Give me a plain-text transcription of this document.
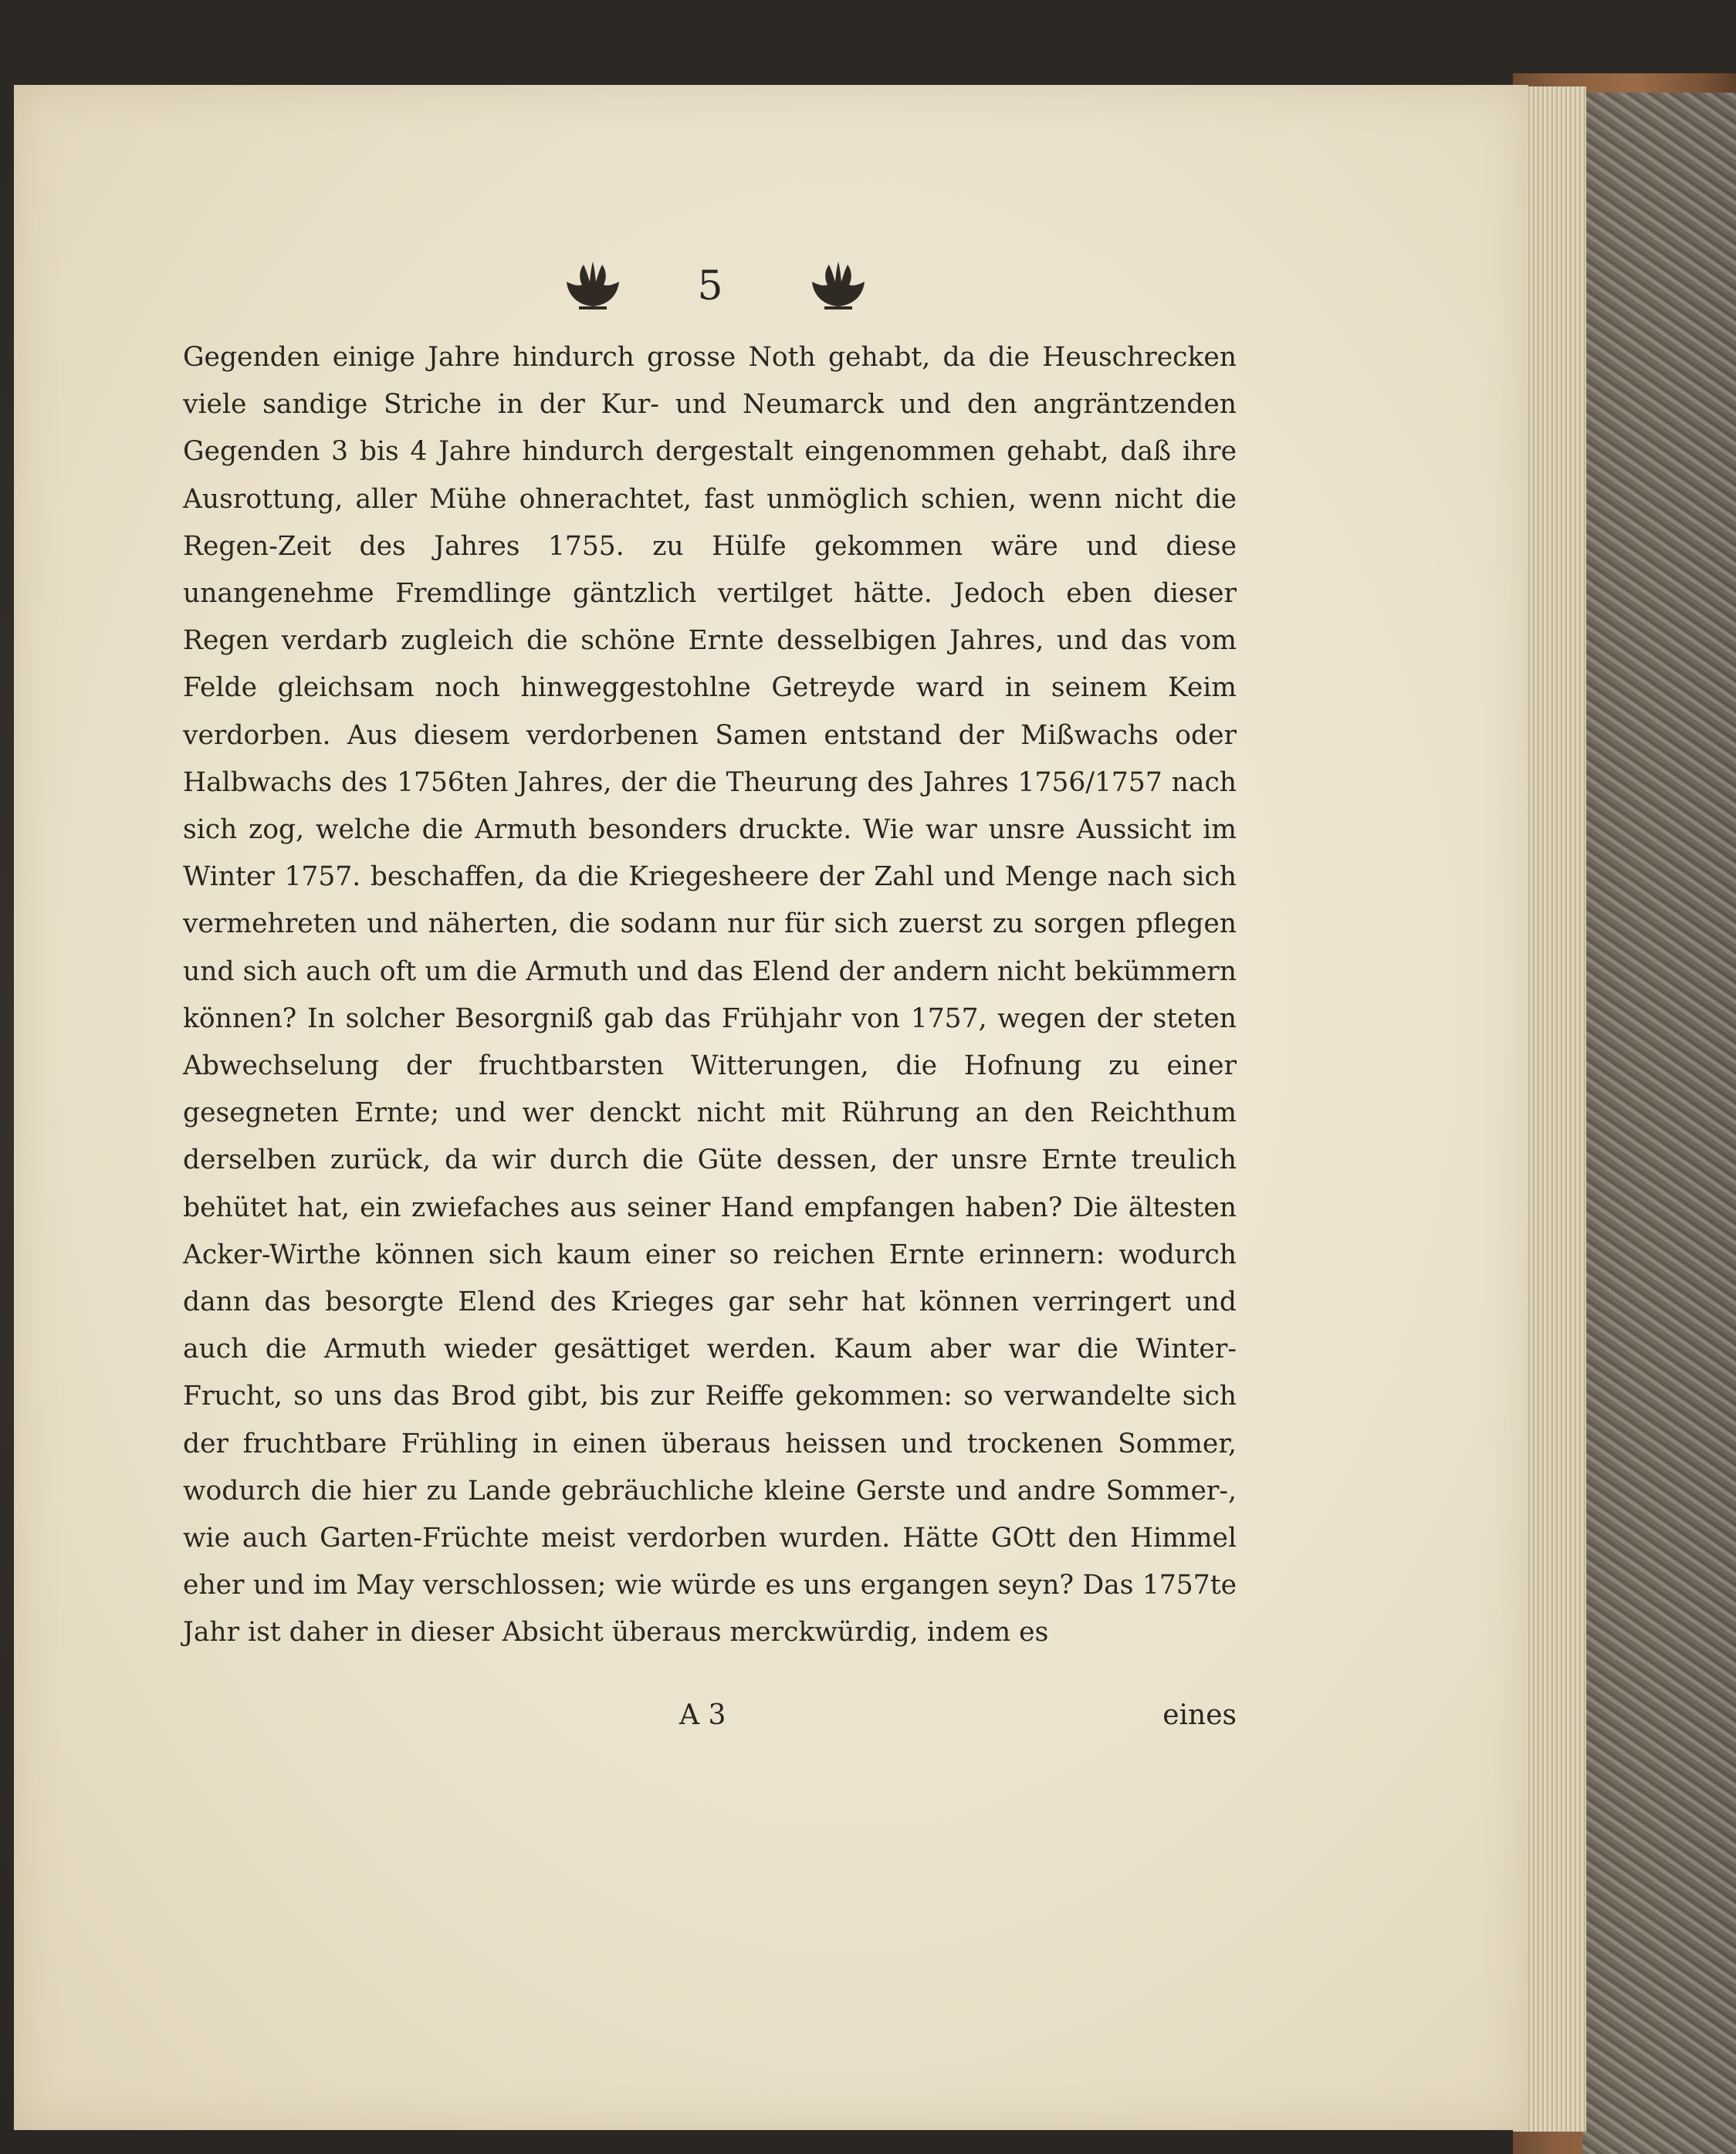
5

Gegenden einige Jahre hindurch grosse Noth gehabt, da die Heuschrecken viele sandige Striche in der Kur- und Neumarck und den angräntzenden Gegenden 3 bis 4 Jahre hindurch dergestalt eingenommen gehabt, daß ihre Ausrottung, aller Mühe ohnerachtet, fast unmöglich schien, wenn nicht die Regen-Zeit des Jahres 1755. zu Hülfe gekommen wäre und diese unangenehme Fremdlinge gäntzlich vertilget hätte. Jedoch eben dieser Regen verdarb zugleich die schöne Ernte desselbigen Jahres, und das vom Felde gleichsam noch hinweggestohlne Getreyde ward in seinem Keim verdorben. Aus diesem verdorbenen Samen entstand der Mißwachs oder Halbwachs des 1756ten Jahres, der die Theurung des Jahres 1756/1757 nach sich zog, welche die Armuth besonders druckte. Wie war unsre Aussicht im Winter 1757. beschaffen, da die Kriegesheere der Zahl und Menge nach sich vermehreten und näherten, die sodann nur für sich zuerst zu sorgen pflegen und sich auch oft um die Armuth und das Elend der andern nicht bekümmern können? In solcher Besorgniß gab das Frühjahr von 1757, wegen der steten Abwechselung der fruchtbarsten Witterungen, die Hofnung zu einer gesegneten Ernte; und wer denckt nicht mit Rührung an den Reichthum derselben zurück, da wir durch die Güte dessen, der unsre Ernte treulich behütet hat, ein zwiefaches aus seiner Hand empfangen haben? Die ältesten Acker-Wirthe können sich kaum einer so reichen Ernte erinnern: wodurch dann das besorgte Elend des Krieges gar sehr hat können verringert und auch die Armuth wieder gesättiget werden. Kaum aber war die Winter-Frucht, so uns das Brod gibt, bis zur Reiffe gekommen: so verwandelte sich der fruchtbare Frühling in einen überaus heissen und trockenen Sommer, wodurch die hier zu Lande gebräuchliche kleine Gerste und andre Sommer-, wie auch Garten-Früchte meist verdorben wurden. Hätte GOtt den Himmel eher und im May verschlossen; wie würde es uns ergangen seyn? Das 1757te Jahr ist daher in dieser Absicht überaus merckwürdig, indem es

A 3	eines
